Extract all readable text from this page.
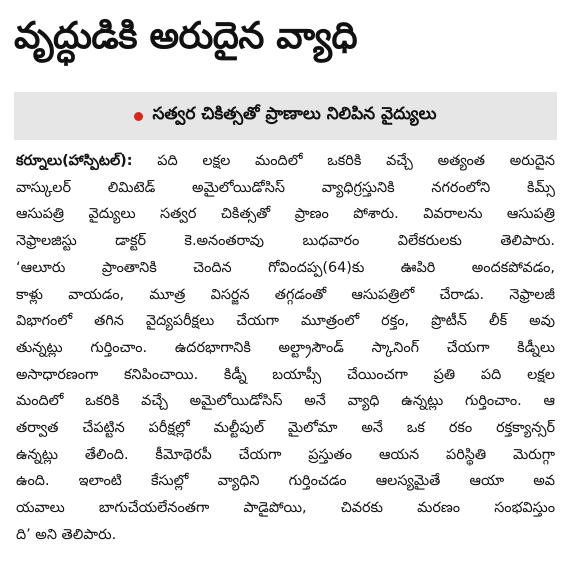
వృద్ధుడికి అరుదైన వ్యాధి
సత్వర చికిత్సతో ప్రాణాలు నిలిపిన వైద్యులు
కర్నూలు(హాస్పిటల్): పది లక్షల మందిలో ఒకరికి వచ్చే అత్యంత అరుదైన
వాస్కులర్ లిమిటెడ్ అమైలోయిడోసిస్ వ్యాధిగ్రస్తునికి నగరంలోని కిమ్స్
ఆసుపత్రి వైద్యులు సత్వర చికిత్సతో ప్రాణం పోశారు. వివరాలను ఆసుపత్రి
నెఫ్రాలజిస్టు డాక్టర్ కె.అనంతరావు బుధవారం విలేకరులకు తెలిపారు.
‘ఆలూరు ప్రాంతానికి చెందిన గోవిందప్ప(64)కు ఊపిరి అందకపోవడం,
కాళ్లు వాయడం, మూత్ర విసర్జన తగ్గడంతో ఆసుపత్రిలో చేరాడు. నెఫ్రాలజీ
విభాగంలో తగిన వైద్యపరీక్షలు చేయగా మూత్రంలో రక్తం, ప్రొటీన్ లీక్ అవు
తున్నట్లు గుర్తించాం. ఉదరభాగానికి అల్ట్రాసౌండ్ స్కానింగ్ చేయగా కిడ్నీలు
అసాధారణంగా కనిపించాయి. కిడ్నీ బయాప్సీ చేయించగా ప్రతి పది లక్షల
మందిలో ఒకరికి వచ్చే అమైలోయిడోసిస్ అనే వ్యాధి ఉన్నట్లు గుర్తించాం. ఆ
తర్వాత చేపట్టిన పరీక్షల్లో మల్టీపుల్ మైలోమా అనే ఒక రకం రక్తక్యాన్సర్
ఉన్నట్లు తేలింది. కీమోథెరపీ చేయగా ప్రస్తుతం ఆయన పరిస్థితి మెరుగ్గా
ఉంది. ఇలాంటి కేసుల్లో వ్యాధిని గుర్తించడం ఆలస్యమైతే ఆయా అవ
యవాలు బాగుచేయలేనంతగా పాడైపోయి, చివరకు మరణం సంభవిస్తుం
ది’ అని తెలిపారు.
